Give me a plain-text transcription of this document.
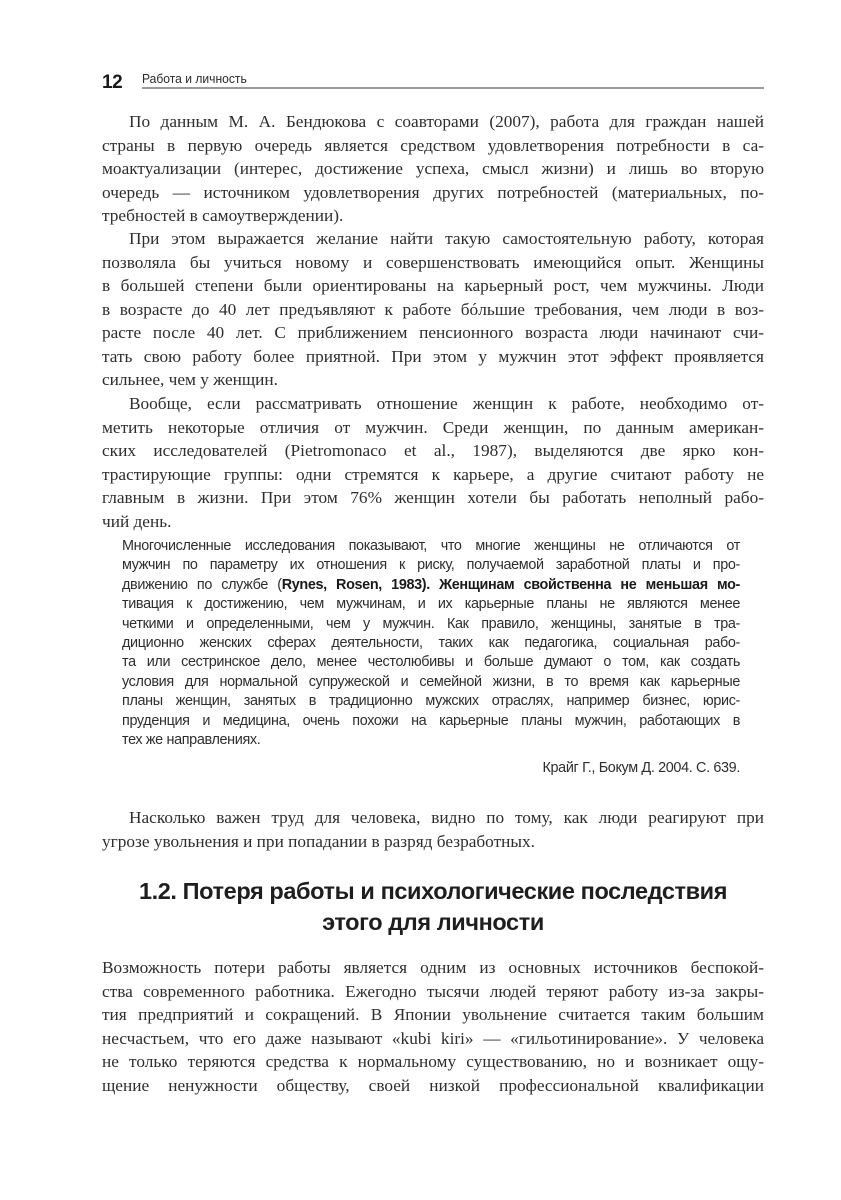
12 Работа и личность
По данным М. А. Бендюкова с соавторами (2007), работа для граждан нашей
страны в первую очередь является средством удовлетворения потребности в са-
моактуализации (интерес, достижение успеха, смысл жизни) и лишь во вторую
очередь — источником удовлетворения других потребностей (материальных, по-
требностей в самоутверждении).
При этом выражается желание найти такую самостоятельную работу, которая
позволяла бы учиться новому и совершенствовать имеющийся опыт. Женщины
в большей степени были ориентированы на карьерный рост, чем мужчины. Люди
в возрасте до 40 лет предъявляют к работе бóльшие требования, чем люди в воз-
расте после 40 лет. С приближением пенсионного возраста люди начинают счи-
тать свою работу более приятной. При этом у мужчин этот эффект проявляется
сильнее, чем у женщин.
Вообще, если рассматривать отношение женщин к работе, необходимо от-
метить некоторые отличия от мужчин. Среди женщин, по данным американ-
ских исследователей (Pietromonaco et al., 1987), выделяются две ярко кон-
трастирующие группы: одни стремятся к карьере, а другие считают работу не
главным в жизни. При этом 76% женщин хотели бы работать неполный рабо-
чий день.
Многочисленные исследования показывают, что многие женщины не отличаются от
мужчин по параметру их отношения к риску, получаемой заработной платы и про-
движению по службе (Rynes, Rosen, 1983). Женщинам свойственна не меньшая мо-
тивация к достижению, чем мужчинам, и их карьерные планы не являются менее
четкими и определенными, чем у мужчин. Как правило, женщины, занятые в тра-
диционно женских сферах деятельности, таких как педагогика, социальная рабо-
та или сестринское дело, менее честолюбивы и больше думают о том, как создать
условия для нормальной супружеской и семейной жизни, в то время как карьерные
планы женщин, занятых в традиционно мужских отраслях, например бизнес, юрис-
пруденция и медицина, очень похожи на карьерные планы мужчин, работающих в
тех же направлениях.
Крайг Г., Бокум Д. 2004. С. 639.
Насколько важен труд для человека, видно по тому, как люди реагируют при
угрозе увольнения и при попадании в разряд безработных.
1.2. Потеря работы и психологические последствия
этого для личности
Возможность потери работы является одним из основных источников беспокой-
ства современного работника. Ежегодно тысячи людей теряют работу из-за закры-
тия предприятий и сокращений. В Японии увольнение считается таким большим
несчастьем, что его даже называют «kubi kiri» — «гильотинирование». У человека
не только теряются средства к нормальному существованию, но и возникает ощу-
щение ненужности обществу, своей низкой профессиональной квалификации
